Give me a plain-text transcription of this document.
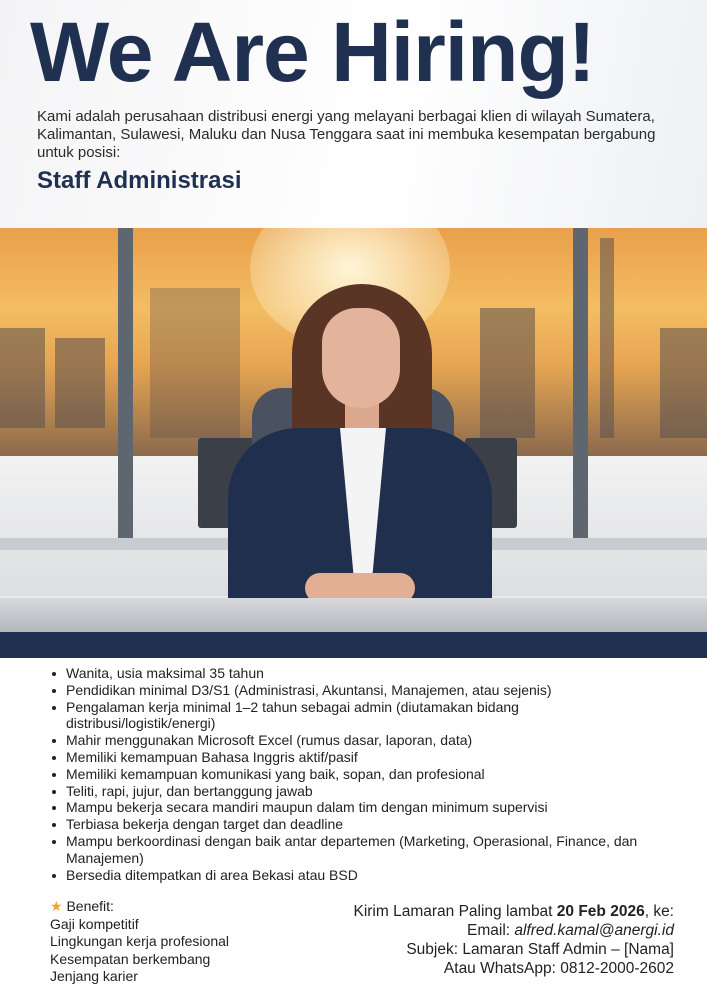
We Are Hiring!

Kami adalah perusahaan distribusi energi yang melayani berbagai klien di wilayah Sumatera, Kalimantan, Sulawesi, Maluku dan Nusa Tenggara saat ini membuka kesempatan bergabung untuk posisi:

Staff Administrasi
Wanita, usia maksimal 35 tahun
Pendidikan minimal D3/S1 (Administrasi, Akuntansi, Manajemen, atau sejenis)
Pengalaman kerja minimal 1–2 tahun sebagai admin (diutamakan bidang distribusi/logistik/energi)
Mahir menggunakan Microsoft Excel (rumus dasar, laporan, data)
Memiliki kemampuan Bahasa Inggris aktif/pasif
Memiliki kemampuan komunikasi yang baik, sopan, dan profesional
Teliti, rapi, jujur, dan bertanggung jawab
Mampu bekerja secara mandiri maupun dalam tim dengan minimum supervisi
Terbiasa bekerja dengan target dan deadline
Mampu berkoordinasi dengan baik antar departemen (Marketing, Operasional, Finance, dan Manajemen)
Bersedia ditempatkan di area Bekasi atau BSD
★ Benefit:
Gaji kompetitif
Lingkungan kerja profesional
Kesempatan berkembang
Jenjang karier
Kirim Lamaran Paling lambat 20 Feb 2026, ke:
Email: alfred.kamal@anergi.id
Subjek: Lamaran Staff Admin – [Nama]
Atau WhatsApp: 0812-2000-2602
